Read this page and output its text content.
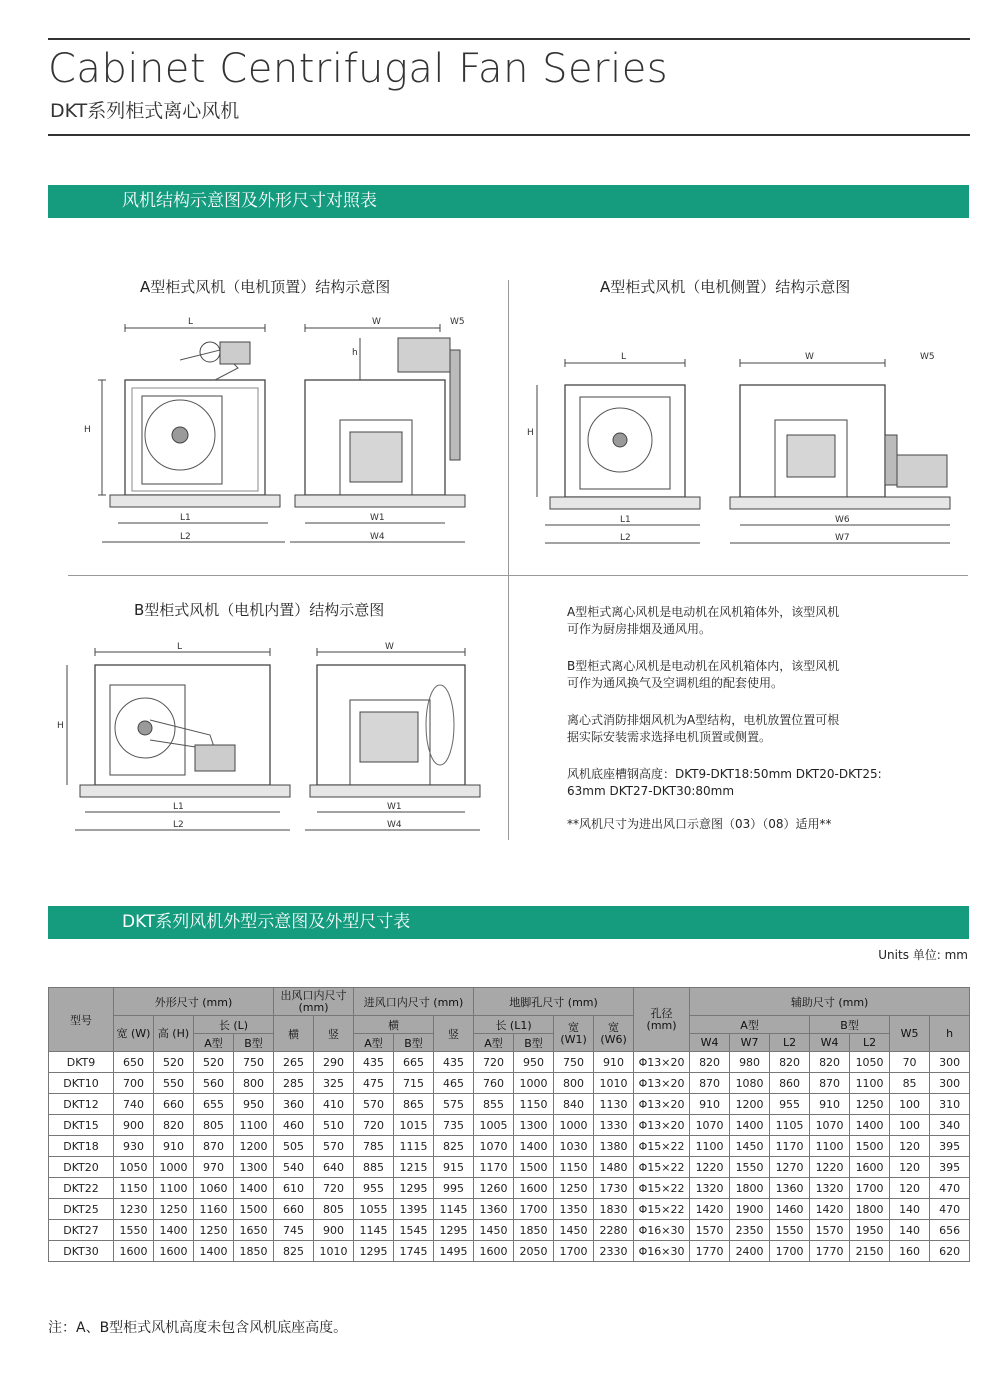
Cabinet Centrifugal Fan Series
DKT系列柜式离心风机
风机结构示意图及外形尺寸对照表
A型柜式风机（电机顶置）结构示意图	A型柜式风机（电机侧置）结构示意图
B型柜式风机（电机内置）结构示意图
L
H
L1
L2
W	W5
h
W1
W4
L
H
L1
L2
W	W5
W6
W7
L
H
L1
L2
W
W1
W4

A型柜式离心风机是电动机在风机箱体外，该型风机

可作为厨房排烟及通风用。

B型柜式离心风机是电动机在风机箱体内，该型风机

可作为通风换气及空调机组的配套使用。

离心式消防排烟风机为A型结构，电机放置位置可根

据实际安装需求选择电机顶置或侧置。

风机底座槽钢高度：DKT9-DKT18:50mm DKT20-DKT25:

63mm DKT27-DKT30:80mm

**风机尺寸为进出风口示意图（03）（08）适用**

DKT系列风机外型示意图及外型尺寸表
Units 单位: mm
型号	外形尺寸 (mm)				出风口内尺寸 (mm)		进风口内尺寸 (mm)			地脚孔尺寸 (mm)				孔径 (mm)	辅助尺寸 (mm)						
	宽 (W)	高 (H)	长 (L)		横	竖	横		竖	长 (L1)		宽 (W1)	宽 (W6)		A型			B型		W5	h
			A型	B型			A型	B型		A型	B型				W4	W7	L2	W4	L2		
DKT9	650	520	520	750	265	290	435	665	435	720	950	750	910	Φ13×20	820	980	820	820	1050	70	300
DKT10	700	550	560	800	285	325	475	715	465	760	1000	800	1010	Φ13×20	870	1080	860	870	1100	85	300
DKT12	740	660	655	950	360	410	570	865	575	855	1150	840	1130	Φ13×20	910	1200	955	910	1250	100	310
DKT15	900	820	805	1100	460	510	720	1015	735	1005	1300	1000	1330	Φ13×20	1070	1400	1105	1070	1400	100	340
DKT18	930	910	870	1200	505	570	785	1115	825	1070	1400	1030	1380	Φ15×22	1100	1450	1170	1100	1500	120	395
DKT20	1050	1000	970	1300	540	640	885	1215	915	1170	1500	1150	1480	Φ15×22	1220	1550	1270	1220	1600	120	395
DKT22	1150	1100	1060	1400	610	720	955	1295	995	1260	1600	1250	1730	Φ15×22	1320	1800	1360	1320	1700	120	470
DKT25	1230	1250	1160	1500	660	805	1055	1395	1145	1360	1700	1350	1830	Φ15×22	1420	1900	1460	1420	1800	140	470
DKT27	1550	1400	1250	1650	745	900	1145	1545	1295	1450	1850	1450	2280	Φ16×30	1570	2350	1550	1570	1950	140	656
DKT30	1600	1600	1400	1850	825	1010	1295	1745	1495	1600	2050	1700	2330	Φ16×30	1770	2400	1700	1770	2150	160	620
注：A、B型柜式风机高度未包含风机底座高度。
